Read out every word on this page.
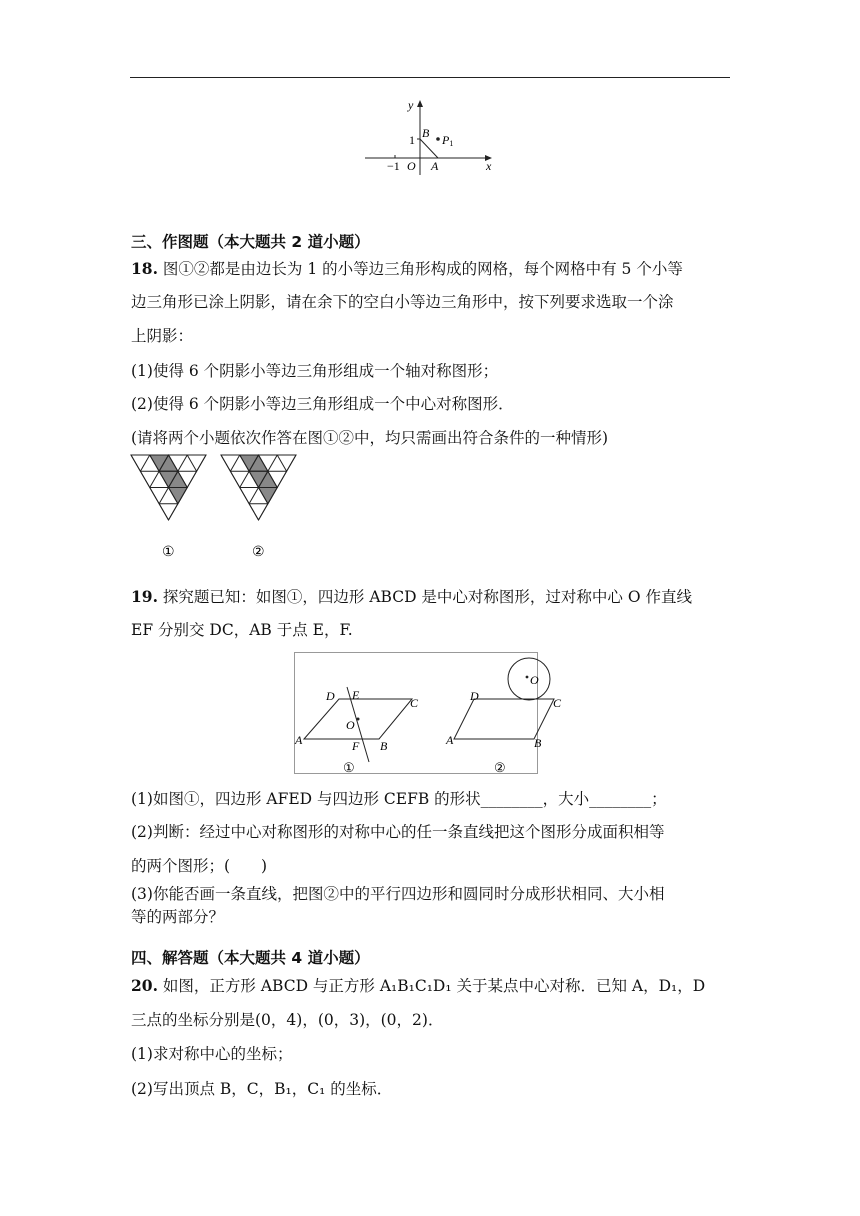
y
x
1
−1 O A
B P1
三、作图题（本大题共 2 道小题）
18. 图①②都是由边长为 1 的小等边三角形构成的网格，每个网格中有 5 个小等
边三角形已涂上阴影，请在余下的空白小等边三角形中，按下列要求选取一个涂
上阴影：
(1)使得 6 个阴影小等边三角形组成一个轴对称图形；
(2)使得 6 个阴影小等边三角形组成一个中心对称图形．
(请将两个小题依次作答在图①②中，均只需画出符合条件的一种情形)
①	②
19. 探究题已知：如图①，四边形 ABCD 是中心对称图形，过对称中心 O 作直线
EF 分别交 DC，AB 于点 E，F.
D E
C
O
A	F B
①
D	C
O
A	B
②
(1)如图①，四边形 AFED 与四边形 CEFB 的形状________，大小________；
(2)判断：经过中心对称图形的对称中心的任一条直线把这个图形分成面积相等
的两个图形；(　　)
(3)你能否画一条直线，把图②中的平行四边形和圆同时分成形状相同、大小相
等的两部分？
四、解答题（本大题共 4 道小题）
20. 如图，正方形 ABCD 与正方形 A₁B₁C₁D₁ 关于某点中心对称．已知 A，D₁，D
三点的坐标分别是(0，4)，(0，3)，(0，2)．
(1)求对称中心的坐标；
(2)写出顶点 B，C，B₁，C₁ 的坐标．
